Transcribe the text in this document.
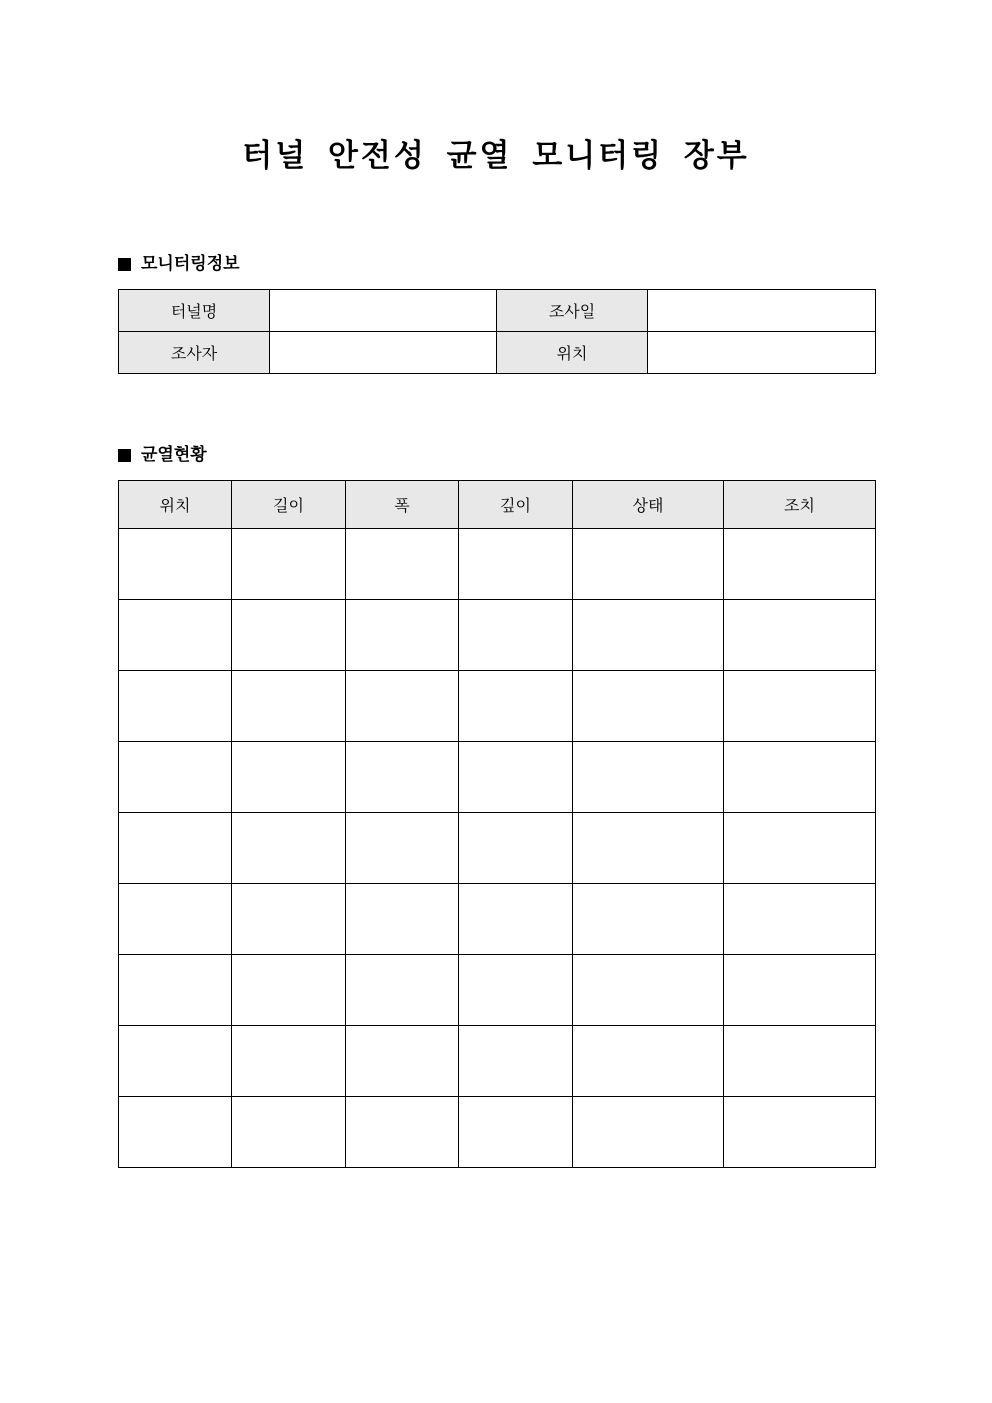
터널 안전성 균열 모니터링 장부
모니터링정보
터널명		조사일	
조사자		위치	
균열현황
위치	길이	폭	깊이	상태	조치
